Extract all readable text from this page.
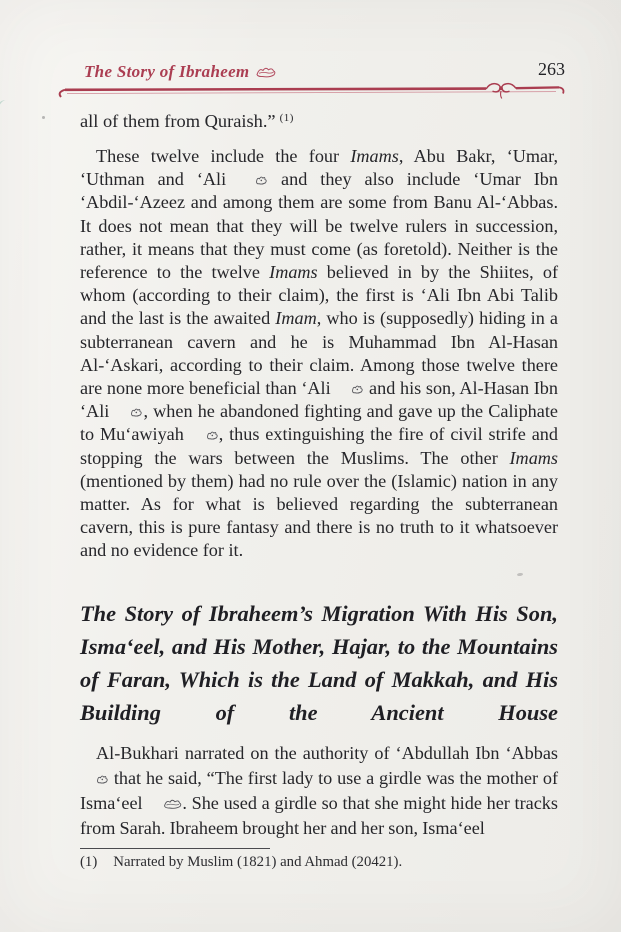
The Story of Ibraheem	263

all of them from Quraish.” $^{(1)}$

These twelve include the four Imams, Abu Bakr, ‘Umar, ‘Uthman and ‘Ali  and they also include ‘Umar Ibn ‘Abdil-‘Azeez and among them are some from Banu Al-‘Abbas. It does not mean that they will be twelve rulers in succession, rather, it means that they must come (as foretold). Neither is the reference to the twelve Imams believed in by the Shiites, of whom (according to their claim), the first is ‘Ali Ibn Abi Talib and the last is the awaited Imam, who is (supposedly) hiding in a subterranean cavern and he is Muhammad Ibn Al-Hasan Al-‘Askari, according to their claim. Among those twelve there are none more beneficial than ‘Ali  and his son, Al-Hasan Ibn ‘Ali , when he abandoned fighting and gave up the Caliphate to Mu‘awiyah , thus extinguishing the fire of civil strife and stopping the wars between the Muslims. The other Imams (mentioned by them) had no rule over the (Islamic) nation in any matter. As for what is believed regarding the subterranean cavern, this is pure fantasy and there is no truth to it whatsoever and no evidence for it.

The Story of Ibraheem’s Migration With His Son, Isma‘eel, and His Mother, Hajar, to the Mountains of Faran, Which is the Land of Makkah, and His Building of the Ancient House

Al-Bukhari narrated on the authority of ‘Abdullah Ibn ‘Abbas  that he said, “The first lady to use a girdle was the mother of Isma‘eel . She used a girdle so that she might hide her tracks from Sarah. Ibraheem brought her and her son, Isma‘eel

(1) Narrated by Muslim (1821) and Ahmad (20421).
